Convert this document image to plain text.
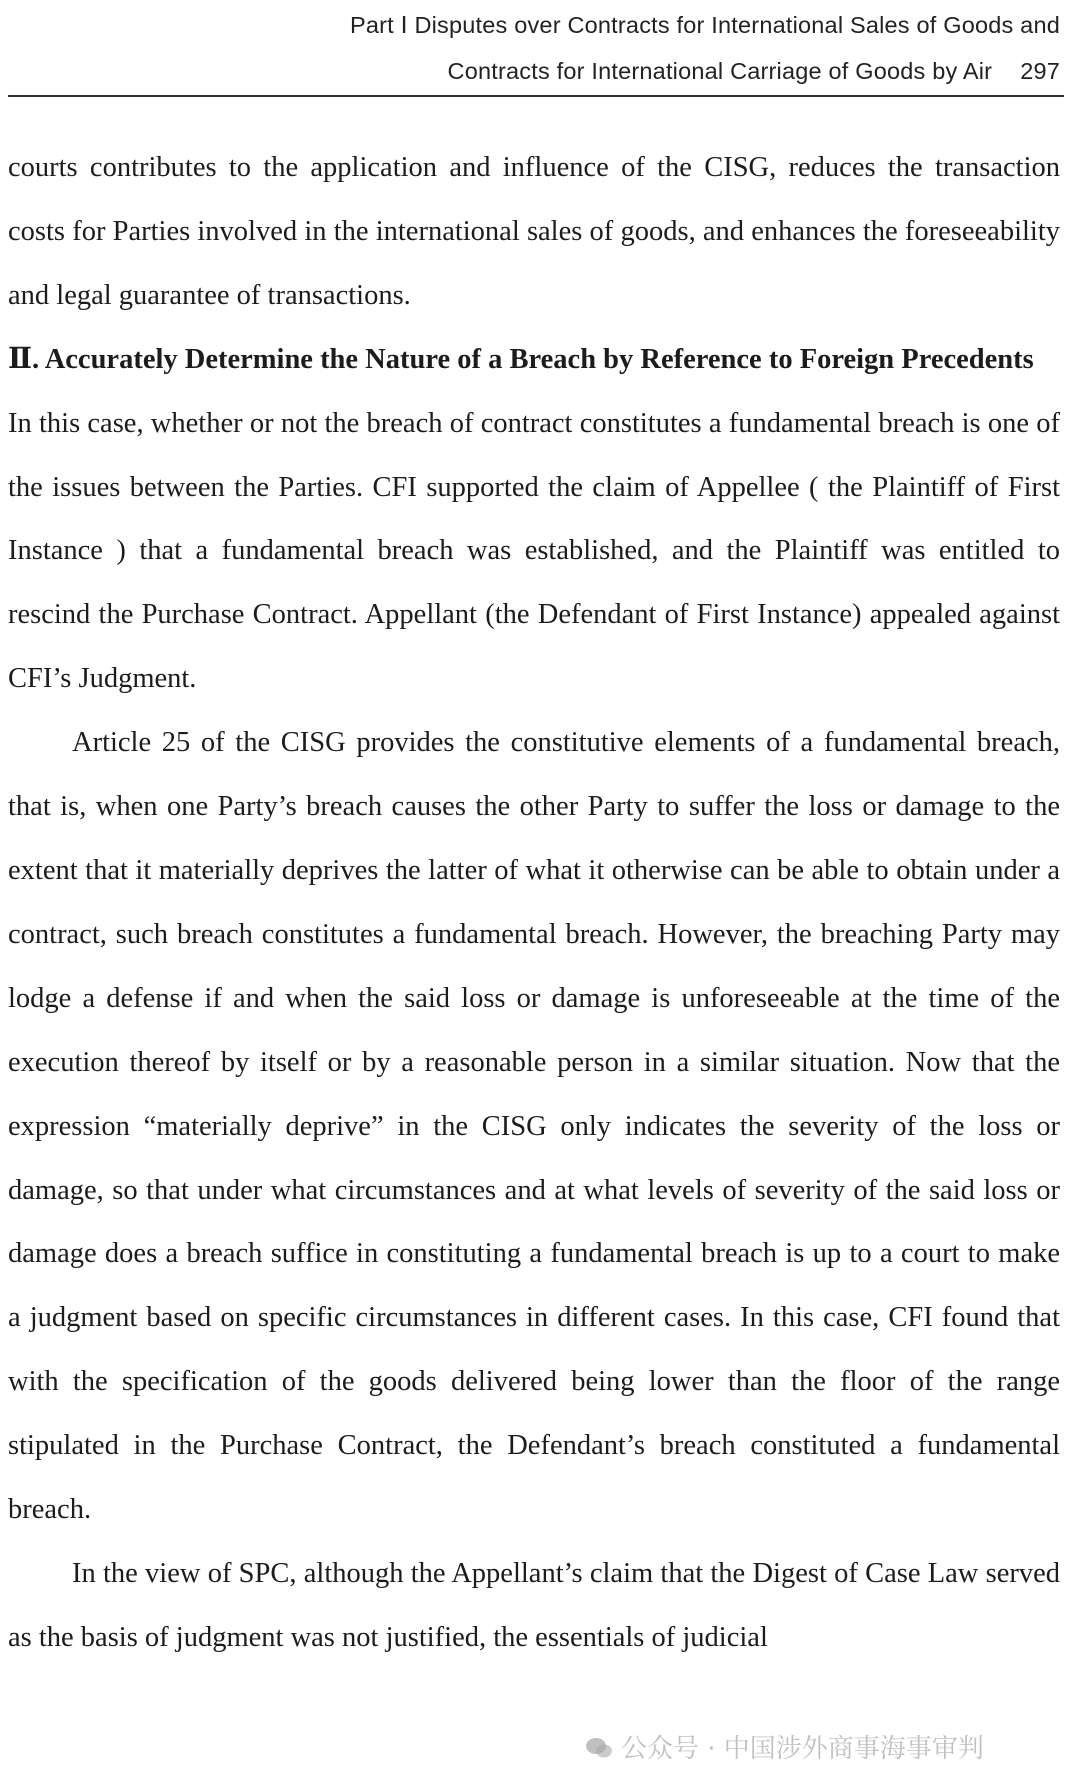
Part Ⅰ Disputes over Contracts for International Sales of Goods and
Contracts for International Carriage of Goods by Air 297

courts contributes to the application and influence of the CISG, reduces the transaction costs for Parties involved in the international sales of goods, and enhances the foreseeability and legal guarantee of transactions.

Ⅱ. Accurately Determine the Nature of a Breach by Reference to Foreign Precedents

In this case, whether or not the breach of contract constitutes a fundamental breach is one of the issues between the Parties. CFI supported the claim of Appellee ( the Plaintiff of First Instance ) that a fundamental breach was established, and the Plaintiff was entitled to rescind the Purchase Contract. Appellant (the Defendant of First Instance) appealed against CFI’s Judgment.

Article 25 of the CISG provides the constitutive elements of a fundamental breach, that is, when one Party’s breach causes the other Party to suffer the loss or damage to the extent that it materially deprives the latter of what it otherwise can be able to obtain under a contract, such breach constitutes a fundamental breach. However, the breaching Party may lodge a defense if and when the said loss or damage is unforeseeable at the time of the execution thereof by itself or by a reasonable person in a similar situation. Now that the expression “materially deprive” in the CISG only indicates the severity of the loss or damage, so that under what circumstances and at what levels of severity of the said loss or damage does a breach suffice in constituting a fundamental breach is up to a court to make a judgment based on specific circumstances in different cases. In this case, CFI found that with the specification of the goods delivered being lower than the floor of the range stipulated in the Purchase Contract, the Defendant’s breach constituted a fundamental breach.

In the view of SPC, although the Appellant’s claim that the Digest of Case Law served as the basis of judgment was not justified, the essentials of judicial

公众号 · 中国涉外商事海事审判
